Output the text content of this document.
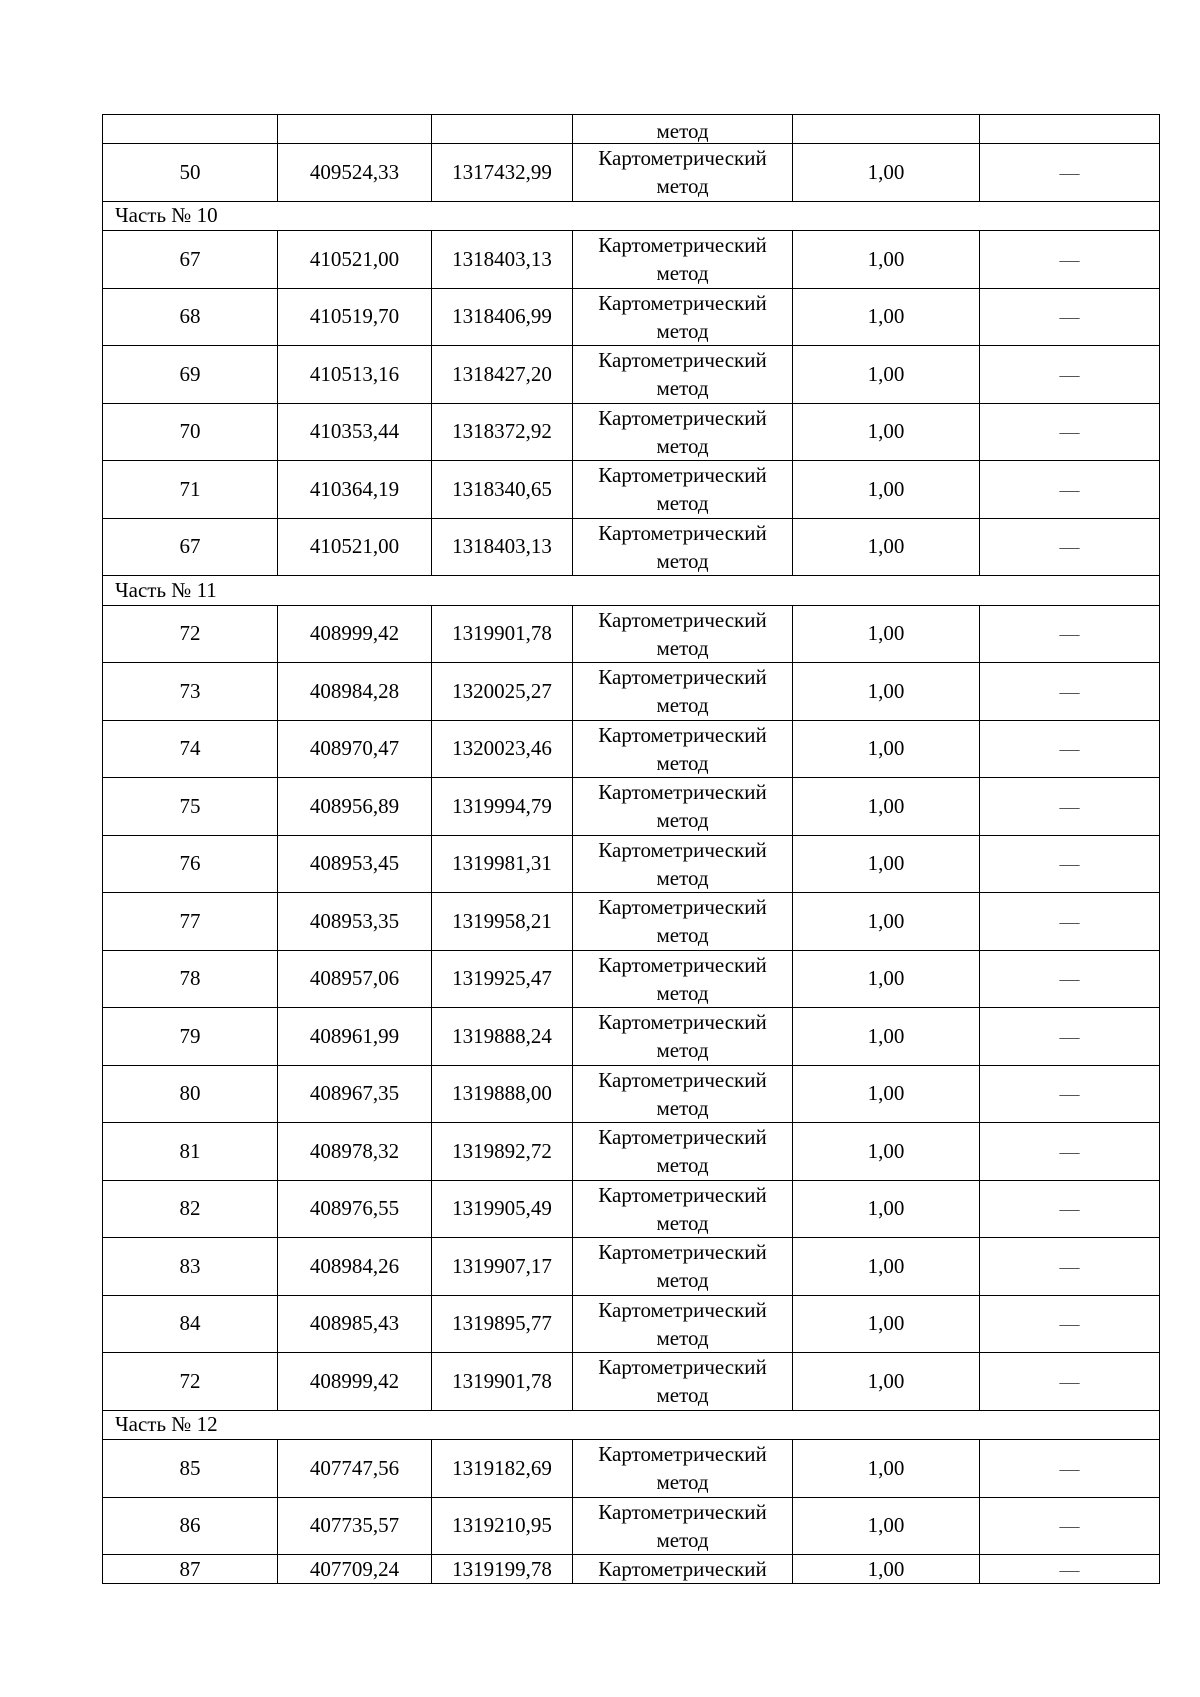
			метод		
50	409524,33	1317432,99	Картометрический
метод	1,00	—
Часть № 10					
67	410521,00	1318403,13	Картометрический
метод	1,00	—
68	410519,70	1318406,99	Картометрический
метод	1,00	—
69	410513,16	1318427,20	Картометрический
метод	1,00	—
70	410353,44	1318372,92	Картометрический
метод	1,00	—
71	410364,19	1318340,65	Картометрический
метод	1,00	—
67	410521,00	1318403,13	Картометрический
метод	1,00	—
Часть № 11					
72	408999,42	1319901,78	Картометрический
метод	1,00	—
73	408984,28	1320025,27	Картометрический
метод	1,00	—
74	408970,47	1320023,46	Картометрический
метод	1,00	—
75	408956,89	1319994,79	Картометрический
метод	1,00	—
76	408953,45	1319981,31	Картометрический
метод	1,00	—
77	408953,35	1319958,21	Картометрический
метод	1,00	—
78	408957,06	1319925,47	Картометрический
метод	1,00	—
79	408961,99	1319888,24	Картометрический
метод	1,00	—
80	408967,35	1319888,00	Картометрический
метод	1,00	—
81	408978,32	1319892,72	Картометрический
метод	1,00	—
82	408976,55	1319905,49	Картометрический
метод	1,00	—
83	408984,26	1319907,17	Картометрический
метод	1,00	—
84	408985,43	1319895,77	Картометрический
метод	1,00	—
72	408999,42	1319901,78	Картометрический
метод	1,00	—
Часть № 12					
85	407747,56	1319182,69	Картометрический
метод	1,00	—
86	407735,57	1319210,95	Картометрический
метод	1,00	—
87	407709,24	1319199,78	Картометрический	1,00	—
